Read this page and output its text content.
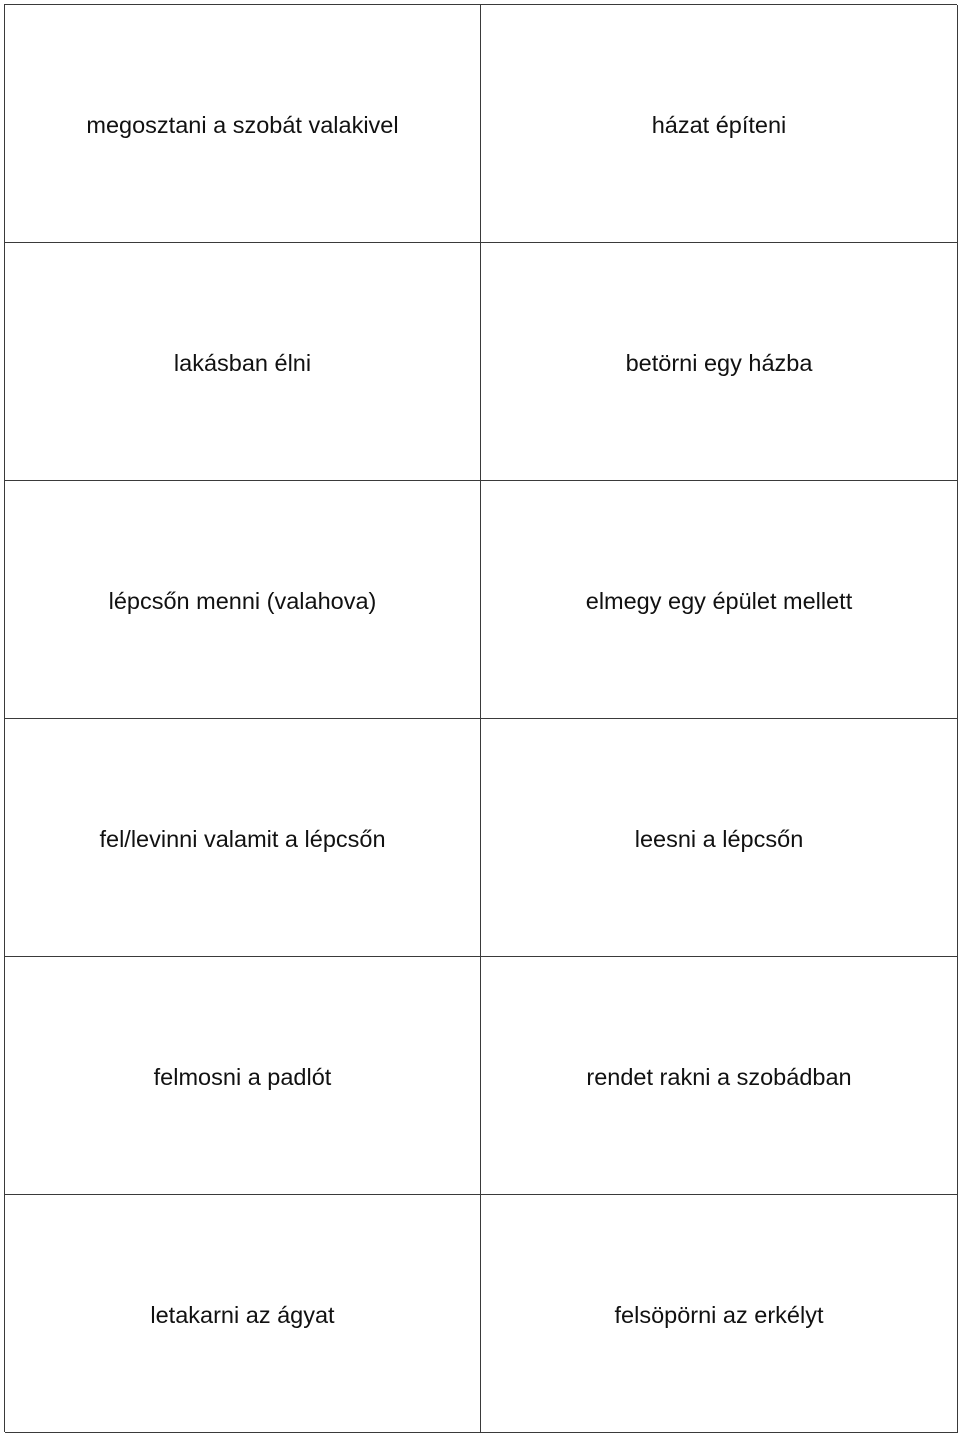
megosztani a szobát valakivel	házat építeni
lakásban élni	betörni egy házba
lépcsőn menni (valahova)	elmegy egy épület mellett
fel/levinni valamit a lépcsőn	leesni a lépcsőn
felmosni a padlót	rendet rakni a szobádban
letakarni az ágyat	felsöpörni az erkélyt
